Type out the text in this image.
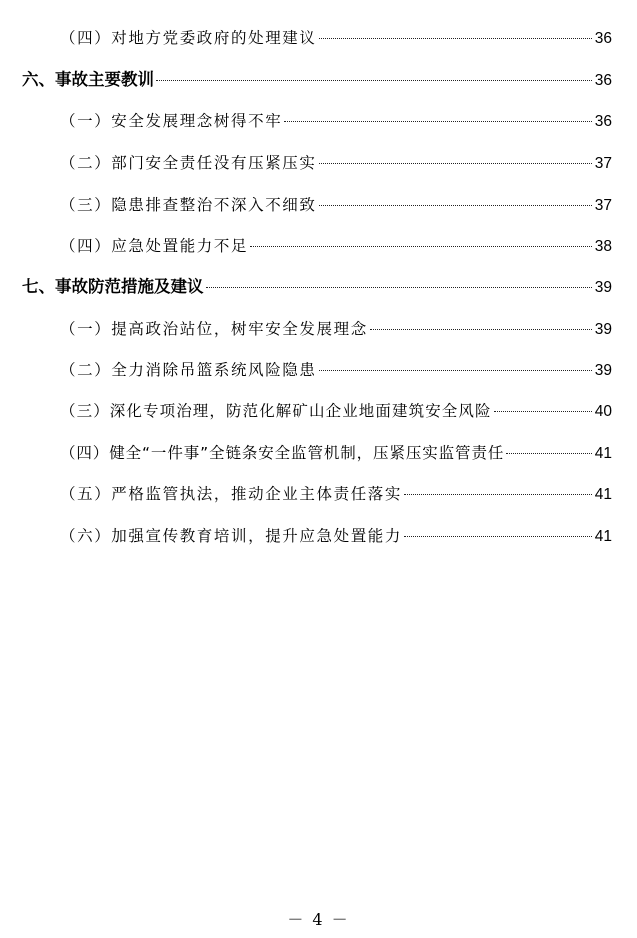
（四）对地方党委政府的处理建议	36
六、事故主要教训	36
（一）安全发展理念树得不牢	36
（二）部门安全责任没有压紧压实	37
（三）隐患排查整治不深入不细致	37
（四）应急处置能力不足	38
七、事故防范措施及建议	39
（一）提高政治站位，树牢安全发展理念	39
（二）全力消除吊篮系统风险隐患	39
（三）深化专项治理，防范化解矿山企业地面建筑安全风险	40
（四）健全“一件事”全链条安全监管机制，压紧压实监管责任	41
（五）严格监管执法，推动企业主体责任落实	41
（六）加强宣传教育培训，提升应急处置能力	41
－ 4 －
